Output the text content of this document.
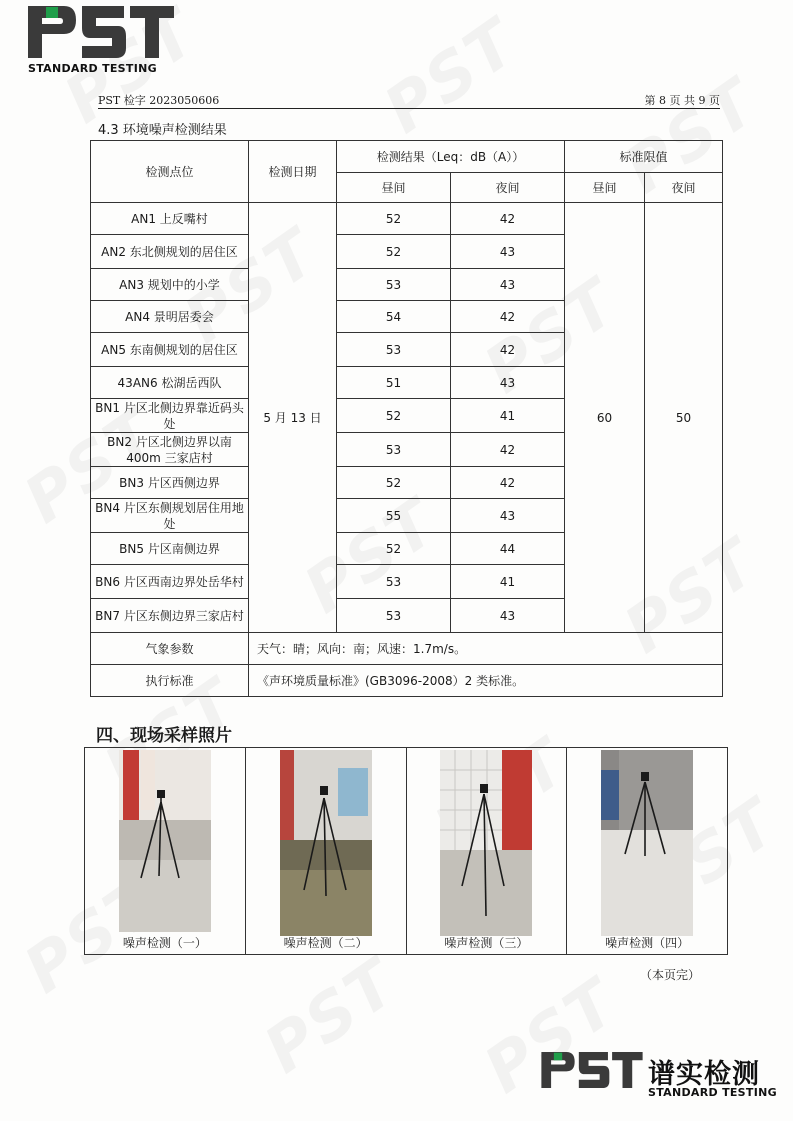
STANDARD TESTING
PST 检字 2023050606	第 8 页 共 9 页
4.3 环境噪声检测结果
检测点位	检测日期	检测结果（Leq：dB（A））		标准限值	
		昼间	夜间	昼间	夜间
AN1 上反嘴村	5 月 13 日	52	42	60	50
AN2 东北侧规划的居住区		52	43		
AN3 规划中的小学		53	43		
AN4 景明居委会		54	42		
AN5 东南侧规划的居住区		53	42		
43AN6 松湖岳西队		51	43		
BN1 片区北侧边界靠近码头处		52	41		
BN2 片区北侧边界以南 400m 三家店村		53	42		
BN3 片区西侧边界		52	42		
BN4 片区东侧规划居住用地处		55	43		
BN5 片区南侧边界		52	44		
BN6 片区西南边界处岳华村		53	41		
BN7 片区东侧边界三家店村		53	43		
气象参数	天气：晴；风向：南；风速：1.7m/s。				
执行标准	《声环境质量标准》(GB3096-2008）2 类标准。				
四、现场采样照片
噪声检测（一）	噪声检测（二）	噪声检测（三）	噪声检测（四）
（本页完）
谱实检测
STANDARD TESTING
